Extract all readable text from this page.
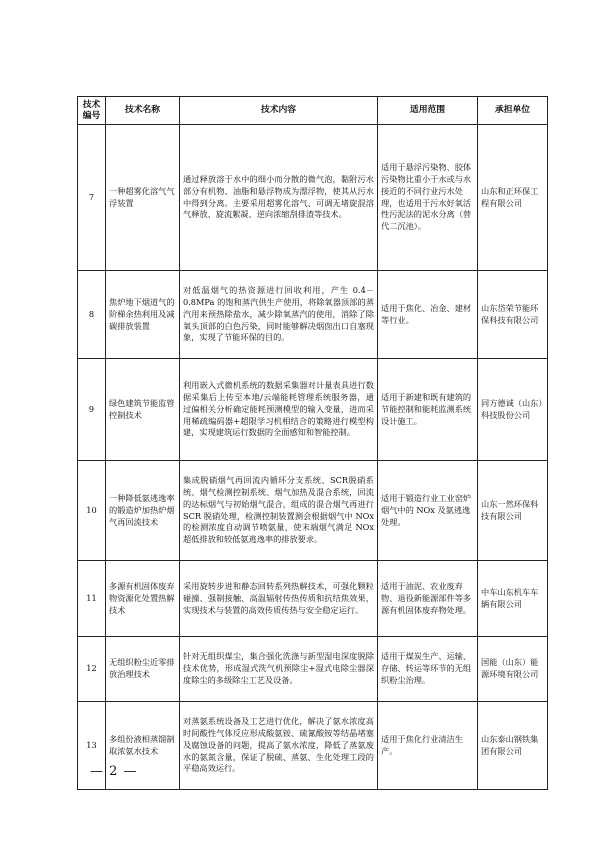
技术编号	技术名称	技术内容	适用范围	承担单位
7	一种超雾化溶气气浮装置	通过释放溶于水中的细小而分散的微气泡，黏附污水部分有机物、油脂和悬浮物成为漂浮物，使其从污水中得到分离。主要采用超雾化溶气、可调无堵旋混溶气释放、旋流絮凝、逆向浓缩刮排渣等技术。	适用于悬浮污染物、胶体污染物比重小于水或与水接近的不同行业污水处理，也适用于污水好氧活性污泥法的泥水分离（替代二沉池）。	山东和正环保工程有限公司
8	焦炉地下烟道气的阶梯余热利用及减碳排放装置	对低温烟气的热资源进行回收利用，产生 0.4－0.8MPa 的饱和蒸汽供生产使用，将除氧器顶部的蒸汽用来预热除盐水，减少除氧蒸汽的使用，消除了除氧头顶部的白色污染，同时能够解决烟囱出口自塞现象，实现了节能环保的目的。	适用于焦化、冶金、建材等行业。	山东岱荣节能环保科技有限公司
9	绿色建筑节能监管控制技术	利用嵌入式微机系统的数据采集器对计量表具进行数据采集后上传至本地/云端能耗管理系统服务器，通过偏相关分析确定能耗预测模型的输入变量，进而采用稀疏编码器+超限学习机相结合的策略进行模型构建，实现建筑运行数据的全面感知和智能控制。	适用于新建和既有建筑的节能控制和能耗监测系统设计施工。	同方德诚（山东）科技股份公司
10	一种降低氨逃逸率的锻造炉加热炉烟气再回流技术	集成脱硝烟气再回流内循环分支系统、SCR脱硝系统、烟气检测控制系统、烟气加热及混合系统，回流的达标烟气与初始烟气混合，组成的混合烟气再进行 SCR 脱硝处理，检测控制装置测会根据烟气中 NOx 的检测浓度自动调节喷氨量，使末端烟气满足 NOx 超低排放和较低氨逃逸率的排放要求。	适用于锻造行业工业窑炉烟气中的 NOx 及氨逃逸处理。	山东一然环保科技有限公司
11	多源有机固体废弃物资源化处置热解技术	采用旋转步进和静态回转系列热解技术，可强化颗粒碰撞、强制接触、高温辐射传热传质和抗结焦效果，实现技术与装置的高效传质传热与安全稳定运行。	适用于油泥、农业废弃物、退役新能源部件等多源有机固体废弃物处理。	中车山东机车车辆有限公司
12	无组织粉尘近零排放治理技术	针对无组织煤尘，集合强化洗涤与新型湿电深度脱除技术优势，形成湿式洗气机预除尘+湿式电除尘器深度除尘的多级除尘工艺及设备。	适用于煤炭生产、运输、存储、转运等环节的无组织粉尘治理。	国能（山东）能源环境有限公司
13	多组份液相蒸馏制取浓氨水技术	对蒸氨系统设备及工艺进行优化，解决了氨水浓度高时间酸性气体反应形成酸氨铵、硫氰酸铵等结晶堵塞及腐蚀设备的问题，提高了氨水浓度，降低了蒸氨废水的氨氮含量，保证了脱硫、蒸氨、生化处理工段的平稳高效运行。	适用于焦化行业清洁生产。	山东泰山钢铁集团有限公司
— 2 —
